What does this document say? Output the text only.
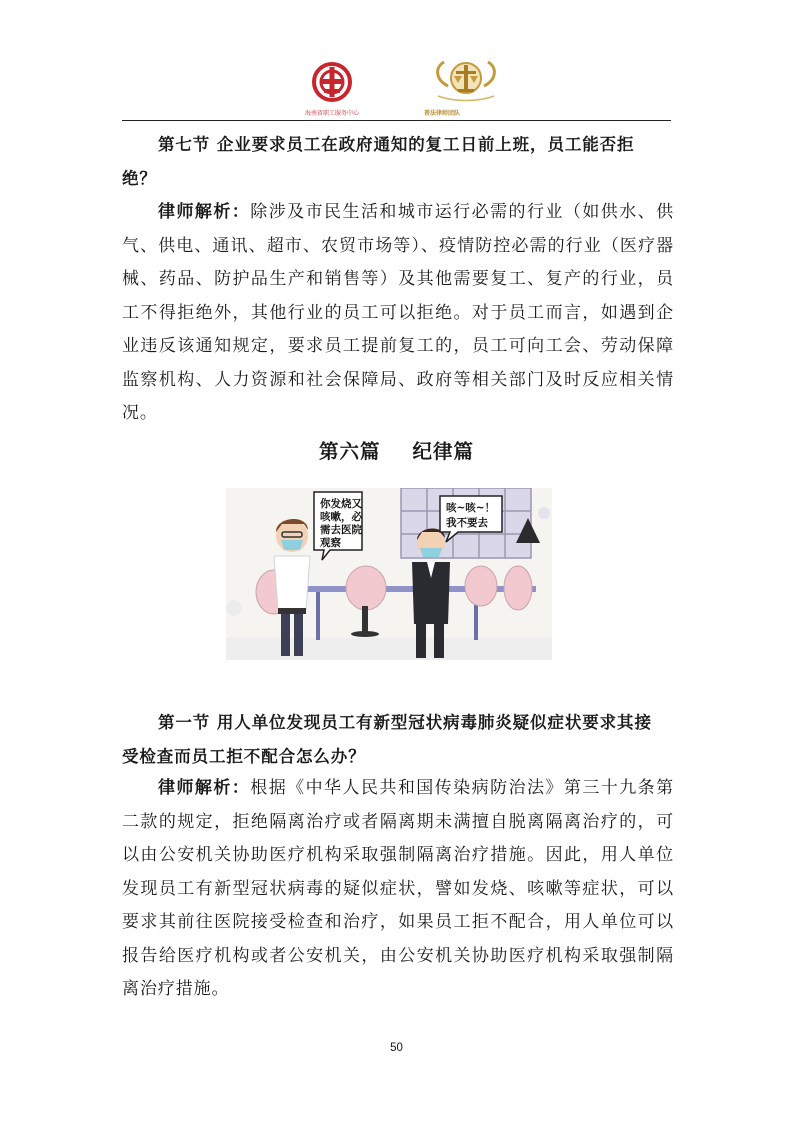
海南省职工服务中心	普法律师团队
第七节 企业要求员工在政府通知的复工日前上班，员工能否拒
绝？
律师解析：除涉及市民生活和城市运行必需的行业（如供水、供气、供电、通讯、超市、农贸市场等）、疫情防控必需的行业（医疗器械、药品、防护品生产和销售等）及其他需要复工、复产的行业，员工不得拒绝外，其他行业的员工可以拒绝。对于员工而言，如遇到企业违反该通知规定，要求员工提前复工的，员工可向工会、劳动保障监察机构、人力资源和社会保障局、政府等相关部门及时反应相关情况。
第六篇 纪律篇
你发烧又 咳嗽，必 需去医院 观察
咳~咳~！ 我不要去
第一节 用人单位发现员工有新型冠状病毒肺炎疑似症状要求其接
受检查而员工拒不配合怎么办？
律师解析：根据《中华人民共和国传染病防治法》第三十九条第二款的规定，拒绝隔离治疗或者隔离期未满擅自脱离隔离治疗的，可以由公安机关协助医疗机构采取强制隔离治疗措施。因此，用人单位发现员工有新型冠状病毒的疑似症状，譬如发烧、咳嗽等症状，可以要求其前往医院接受检查和治疗，如果员工拒不配合，用人单位可以报告给医疗机构或者公安机关，由公安机关协助医疗机构采取强制隔离治疗措施。
50
